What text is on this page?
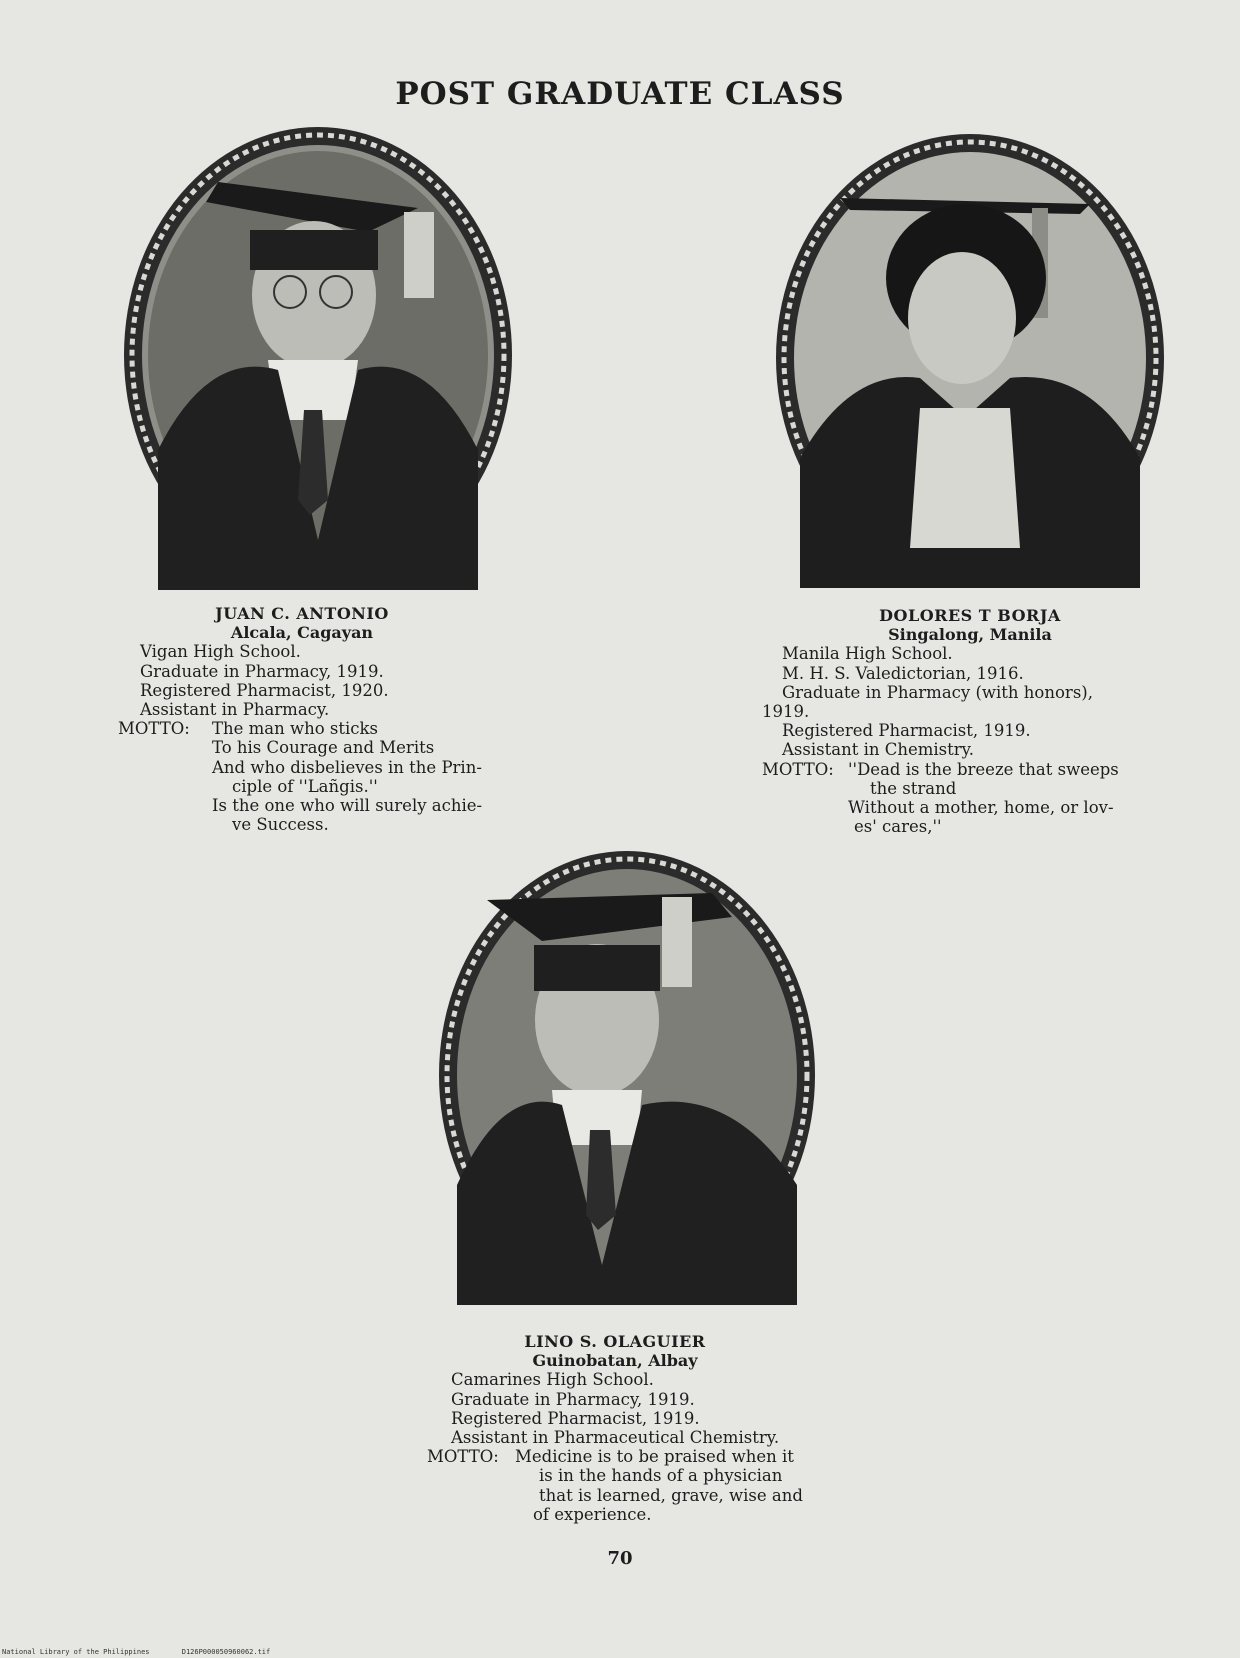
POST GRADUATE CLASS
JUAN C. ANTONIO
Alcala, Cagayan
Vigan High School.
Graduate in Pharmacy, 1919.
Registered Pharmacist, 1920.
Assistant in Pharmacy.
MOTTO: The man who sticks
To his Courage and Merits
And who disbelieves in the Prin-
ciple of ''Lañgis.''
Is the one who will surely achie-
ve Success.
DOLORES T BORJA
Singalong, Manila
Manila High School.
M. H. S. Valedictorian, 1916.
Graduate in Pharmacy (with honors),
1919.
Registered Pharmacist, 1919.
Assistant in Chemistry.
MOTTO: ''Dead is the breeze that sweeps
the strand
Without a mother, home, or lov-
es' cares,''
LINO S. OLAGUIER
Guinobatan, Albay
Camarines High School.
Graduate in Pharmacy, 1919.
Registered Pharmacist, 1919.
Assistant in Pharmaceutical Chemistry.
MOTTO: Medicine is to be praised when it
is in the hands of a physician
that is learned, grave, wise and
of experience.
70
National Library of the Philippines	D126P000050960062.tif
